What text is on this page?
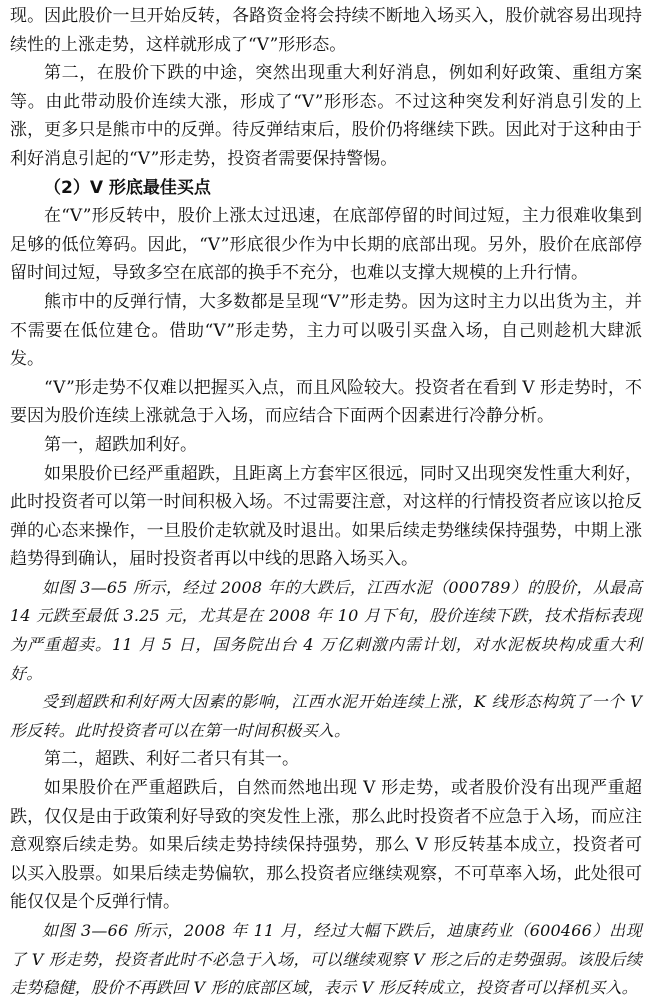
现。因此股价一旦开始反转，各路资金将会持续不断地入场买入，股价就容易出现持续性的上涨走势，这样就形成了“V”形形态。

第二，在股价下跌的中途，突然出现重大利好消息，例如利好政策、重组方案等。由此带动股价连续大涨，形成了“V”形形态。不过这种突发利好消息引发的上涨，更多只是熊市中的反弹。待反弹结束后，股价仍将继续下跌。因此对于这种由于利好消息引起的“V”形走势，投资者需要保持警惕。

（2）V 形底最佳买点

在“V”形反转中，股价上涨太过迅速，在底部停留的时间过短，主力很难收集到足够的低位筹码。因此，“V”形底很少作为中长期的底部出现。另外，股价在底部停留时间过短，导致多空在底部的换手不充分，也难以支撑大规模的上升行情。

熊市中的反弹行情，大多数都是呈现“V”形走势。因为这时主力以出货为主，并不需要在低位建仓。借助“V”形走势，主力可以吸引买盘入场，自己则趁机大肆派发。

“V”形走势不仅难以把握买入点，而且风险较大。投资者在看到 V 形走势时，不要因为股价连续上涨就急于入场，而应结合下面两个因素进行冷静分析。

第一，超跌加利好。

如果股价已经严重超跌，且距离上方套牢区很远，同时又出现突发性重大利好，此时投资者可以第一时间积极入场。不过需要注意，对这样的行情投资者应该以抢反弹的心态来操作，一旦股价走软就及时退出。如果后续走势继续保持强势，中期上涨趋势得到确认，届时投资者再以中线的思路入场买入。

如图 3—65 所示，经过 2008 年的大跌后，江西水泥（000789）的股价，从最高 14 元跌至最低 3.25 元，尤其是在 2008 年 10 月下旬，股价连续下跌，技术指标表现为严重超卖。11 月 5 日，国务院出台 4 万亿刺激内需计划，对水泥板块构成重大利好。

受到超跌和利好两大因素的影响，江西水泥开始连续上涨，K 线形态构筑了一个 V 形反转。此时投资者可以在第一时间积极买入。

第二，超跌、利好二者只有其一。

如果股价在严重超跌后，自然而然地出现 V 形走势，或者股价没有出现严重超跌，仅仅是由于政策利好导致的突发性上涨，那么此时投资者不应急于入场，而应注意观察后续走势。如果后续走势持续保持强势，那么 V 形反转基本成立，投资者可以买入股票。如果后续走势偏软，那么投资者应继续观察，不可草率入场，此处很可能仅仅是个反弹行情。

如图 3—66 所示，2008 年 11 月，经过大幅下跌后，迪康药业（600466）出现了 V 形走势，投资者此时不必急于入场，可以继续观察 V 形之后的走势强弱。该股后续走势稳健，股价不再跌回 V 形的底部区域，表示 V 形反转成立，投资者可以择机买入。
